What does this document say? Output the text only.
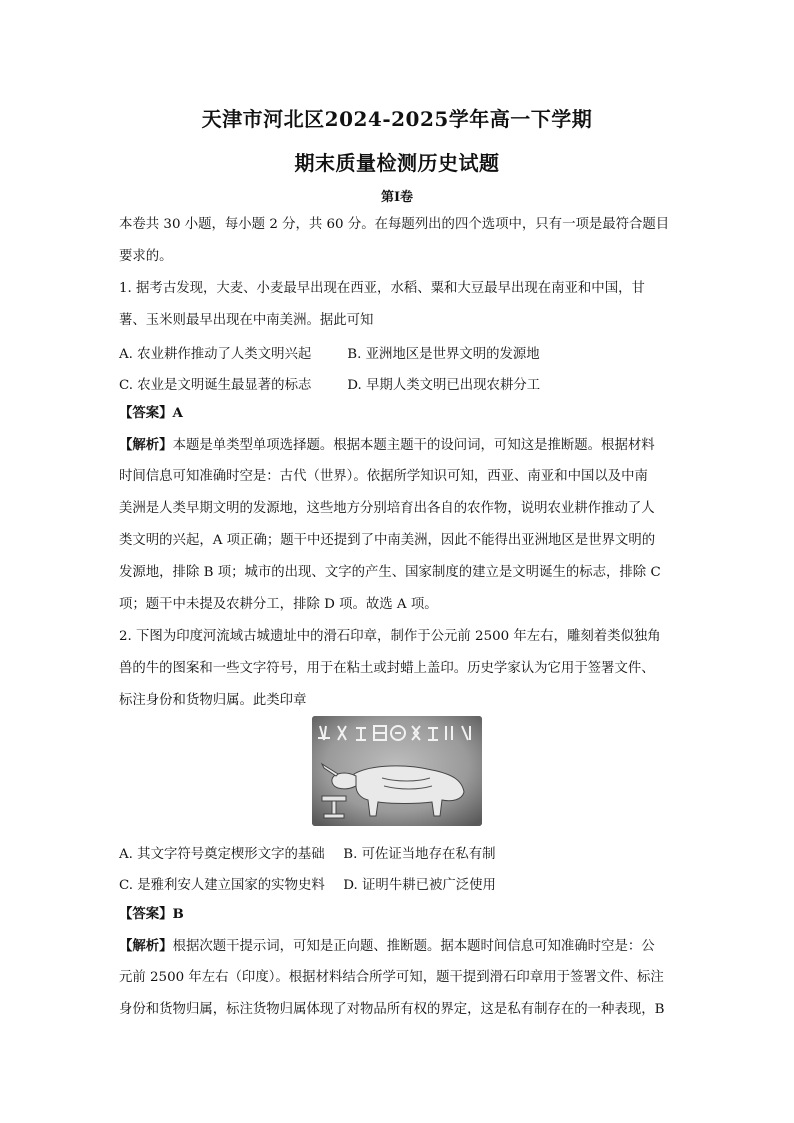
天津市河北区2024-2025学年高一下学期
期末质量检测历史试题
第Ⅰ卷
本卷共 30 小题，每小题 2 分，共 60 分。在每题列出的四个选项中，只有一项是最符合题目
要求的。
1. 据考古发现，大麦、小麦最早出现在西亚，水稻、粟和大豆最早出现在南亚和中国，甘
薯、玉米则最早出现在中南美洲。据此可知
A. 农业耕作推动了人类文明兴起	B. 亚洲地区是世界文明的发源地
C. 农业是文明诞生最显著的标志	D. 早期人类文明已出现农耕分工
【答案】A
【解析】本题是单类型单项选择题。根据本题主题干的设问词，可知这是推断题。根据材料
时间信息可知准确时空是：古代（世界）。依据所学知识可知，西亚、南亚和中国以及中南
美洲是人类早期文明的发源地，这些地方分别培育出各自的农作物，说明农业耕作推动了人
类文明的兴起，A 项正确；题干中还提到了中南美洲，因此不能得出亚洲地区是世界文明的
发源地，排除 B 项；城市的出现、文字的产生、国家制度的建立是文明诞生的标志，排除 C
项；题干中未提及农耕分工，排除 D 项。故选 A 项。
2. 下图为印度河流域古城遗址中的滑石印章，制作于公元前 2500 年左右，雕刻着类似独角
兽的牛的图案和一些文字符号，用于在粘土或封蜡上盖印。历史学家认为它用于签署文件、
标注身份和货物归属。此类印章
A. 其文字符号奠定楔形文字的基础 B. 可佐证当地存在私有制
C. 是雅利安人建立国家的实物史料 D. 证明牛耕已被广泛使用
【答案】B
【解析】根据次题干提示词，可知是正向题、推断题。据本题时间信息可知准确时空是：公
元前 2500 年左右（印度）。根据材料结合所学可知，题干提到滑石印章用于签署文件、标注
身份和货物归属，标注货物归属体现了对物品所有权的界定，这是私有制存在的一种表现，B
